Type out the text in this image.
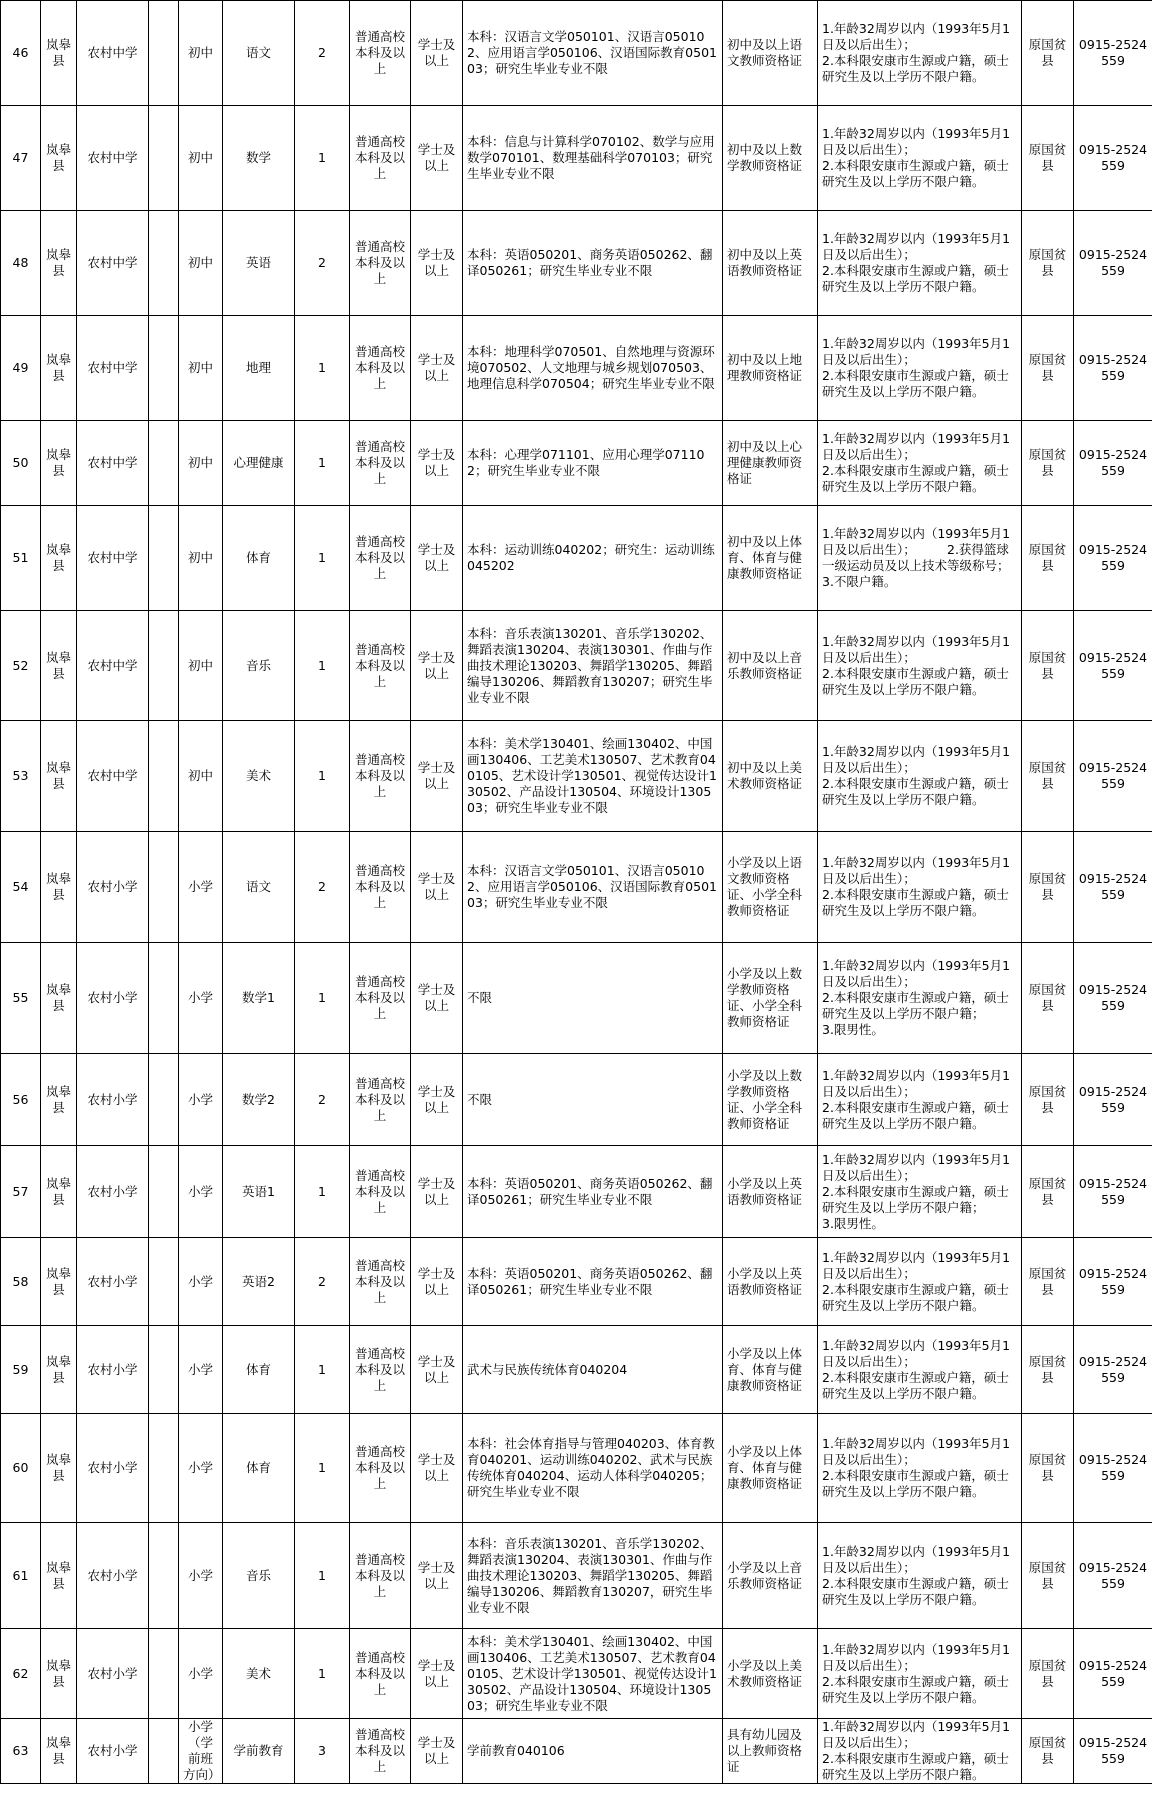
46	岚皋县	农村中学		初中	语文	2	普通高校本科及以上	学士及以上	本科：汉语言文学050101、汉语言050102、应用语言学050106、汉语国际教育050103；研究生毕业专业不限	初中及以上语文教师资格证	1.年龄32周岁以内（1993年5月1日及以后出生）；
2.本科限安康市生源或户籍，硕士研究生及以上学历不限户籍。	原国贫县	0915-2524559
47	岚皋县	农村中学		初中	数学	1	普通高校本科及以上	学士及以上	本科：信息与计算科学070102、数学与应用数学070101、数理基础科学070103；研究生毕业专业不限	初中及以上数学教师资格证	1.年龄32周岁以内（1993年5月1日及以后出生）；
2.本科限安康市生源或户籍，硕士研究生及以上学历不限户籍。	原国贫县	0915-2524559
48	岚皋县	农村中学		初中	英语	2	普通高校本科及以上	学士及以上	本科：英语050201、商务英语050262、翻译050261；研究生毕业专业不限	初中及以上英语教师资格证	1.年龄32周岁以内（1993年5月1日及以后出生）；
2.本科限安康市生源或户籍，硕士研究生及以上学历不限户籍。	原国贫县	0915-2524559
49	岚皋县	农村中学		初中	地理	1	普通高校本科及以上	学士及以上	本科：地理科学070501、自然地理与资源环境070502、人文地理与城乡规划070503、地理信息科学070504；研究生毕业专业不限	初中及以上地理教师资格证	1.年龄32周岁以内（1993年5月1日及以后出生）；
2.本科限安康市生源或户籍，硕士研究生及以上学历不限户籍。	原国贫县	0915-2524559
50	岚皋县	农村中学		初中	心理健康	1	普通高校本科及以上	学士及以上	本科：心理学071101、应用心理学071102；研究生毕业专业不限	初中及以上心理健康教师资格证	1.年龄32周岁以内（1993年5月1日及以后出生）；
2.本科限安康市生源或户籍，硕士研究生及以上学历不限户籍。	原国贫县	0915-2524559
51	岚皋县	农村中学		初中	体育	1	普通高校本科及以上	学士及以上	本科：运动训练040202；研究生：运动训练045202	初中及以上体育、体育与健康教师资格证	1.年龄32周岁以内（1993年5月1日及以后出生）；　　　2.获得篮球一级运动员及以上技术等级称号；
3.不限户籍。	原国贫县	0915-2524559
52	岚皋县	农村中学		初中	音乐	1	普通高校本科及以上	学士及以上	本科：音乐表演130201、音乐学130202、舞蹈表演130204、表演130301、作曲与作曲技术理论130203、舞蹈学130205、舞蹈编导130206、舞蹈教育130207；研究生毕业专业不限	初中及以上音乐教师资格证	1.年龄32周岁以内（1993年5月1日及以后出生）；
2.本科限安康市生源或户籍，硕士研究生及以上学历不限户籍。	原国贫县	0915-2524559
53	岚皋县	农村中学		初中	美术	1	普通高校本科及以上	学士及以上	本科：美术学130401、绘画130402、中国画130406、工艺美术130507、艺术教育040105、艺术设计学130501、视觉传达设计130502、产品设计130504、环境设计130503；研究生毕业专业不限	初中及以上美术教师资格证	1.年龄32周岁以内（1993年5月1日及以后出生）；
2.本科限安康市生源或户籍，硕士研究生及以上学历不限户籍。	原国贫县	0915-2524559
54	岚皋县	农村小学		小学	语文	2	普通高校本科及以上	学士及以上	本科：汉语言文学050101、汉语言050102、应用语言学050106、汉语国际教育050103；研究生毕业专业不限	小学及以上语文教师资格证、小学全科教师资格证	1.年龄32周岁以内（1993年5月1日及以后出生）；
2.本科限安康市生源或户籍，硕士研究生及以上学历不限户籍。	原国贫县	0915-2524559
55	岚皋县	农村小学		小学	数学1	1	普通高校本科及以上	学士及以上	不限	小学及以上数学教师资格证、小学全科教师资格证	1.年龄32周岁以内（1993年5月1日及以后出生）；
2.本科限安康市生源或户籍，硕士研究生及以上学历不限户籍；
3.限男性。	原国贫县	0915-2524559
56	岚皋县	农村小学		小学	数学2	2	普通高校本科及以上	学士及以上	不限	小学及以上数学教师资格证、小学全科教师资格证	1.年龄32周岁以内（1993年5月1日及以后出生）；
2.本科限安康市生源或户籍，硕士研究生及以上学历不限户籍。	原国贫县	0915-2524559
57	岚皋县	农村小学		小学	英语1	1	普通高校本科及以上	学士及以上	本科：英语050201、商务英语050262、翻译050261；研究生毕业专业不限	小学及以上英语教师资格证	1.年龄32周岁以内（1993年5月1日及以后出生）；
2.本科限安康市生源或户籍，硕士研究生及以上学历不限户籍；
3.限男性。	原国贫县	0915-2524559
58	岚皋县	农村小学		小学	英语2	2	普通高校本科及以上	学士及以上	本科：英语050201、商务英语050262、翻译050261；研究生毕业专业不限	小学及以上英语教师资格证	1.年龄32周岁以内（1993年5月1日及以后出生）；
2.本科限安康市生源或户籍，硕士研究生及以上学历不限户籍。	原国贫县	0915-2524559
59	岚皋县	农村小学		小学	体育	1	普通高校本科及以上	学士及以上	武术与民族传统体育040204	小学及以上体育、体育与健康教师资格证	1.年龄32周岁以内（1993年5月1日及以后出生）；
2.本科限安康市生源或户籍，硕士研究生及以上学历不限户籍。	原国贫县	0915-2524559
60	岚皋县	农村小学		小学	体育	1	普通高校本科及以上	学士及以上	本科：社会体育指导与管理040203、体育教育040201、运动训练040202、武术与民族传统体育040204、运动人体科学040205；研究生毕业专业不限	小学及以上体育、体育与健康教师资格证	1.年龄32周岁以内（1993年5月1日及以后出生）；
2.本科限安康市生源或户籍，硕士研究生及以上学历不限户籍。	原国贫县	0915-2524559
61	岚皋县	农村小学		小学	音乐	1	普通高校本科及以上	学士及以上	本科：音乐表演130201、音乐学130202、舞蹈表演130204、表演130301、作曲与作曲技术理论130203、舞蹈学130205、舞蹈编导130206、舞蹈教育130207，研究生毕业专业不限	小学及以上音乐教师资格证	1.年龄32周岁以内（1993年5月1日及以后出生）；
2.本科限安康市生源或户籍，硕士研究生及以上学历不限户籍。	原国贫县	0915-2524559
62	岚皋县	农村小学		小学	美术	1	普通高校本科及以上	学士及以上	本科：美术学130401、绘画130402、中国画130406、工艺美术130507、艺术教育040105、艺术设计学130501、视觉传达设计130502、产品设计130504、环境设计130503；研究生毕业专业不限	小学及以上美术教师资格证	1.年龄32周岁以内（1993年5月1日及以后出生）；
2.本科限安康市生源或户籍，硕士研究生及以上学历不限户籍。	原国贫县	0915-2524559
63	岚皋县	农村小学		小学（学前班方向）	学前教育	3	普通高校本科及以上	学士及以上	学前教育040106	具有幼儿园及以上教师资格证	1.年龄32周岁以内（1993年5月1日及以后出生）；
2.本科限安康市生源或户籍，硕士研究生及以上学历不限户籍。	原国贫县	0915-2524559
